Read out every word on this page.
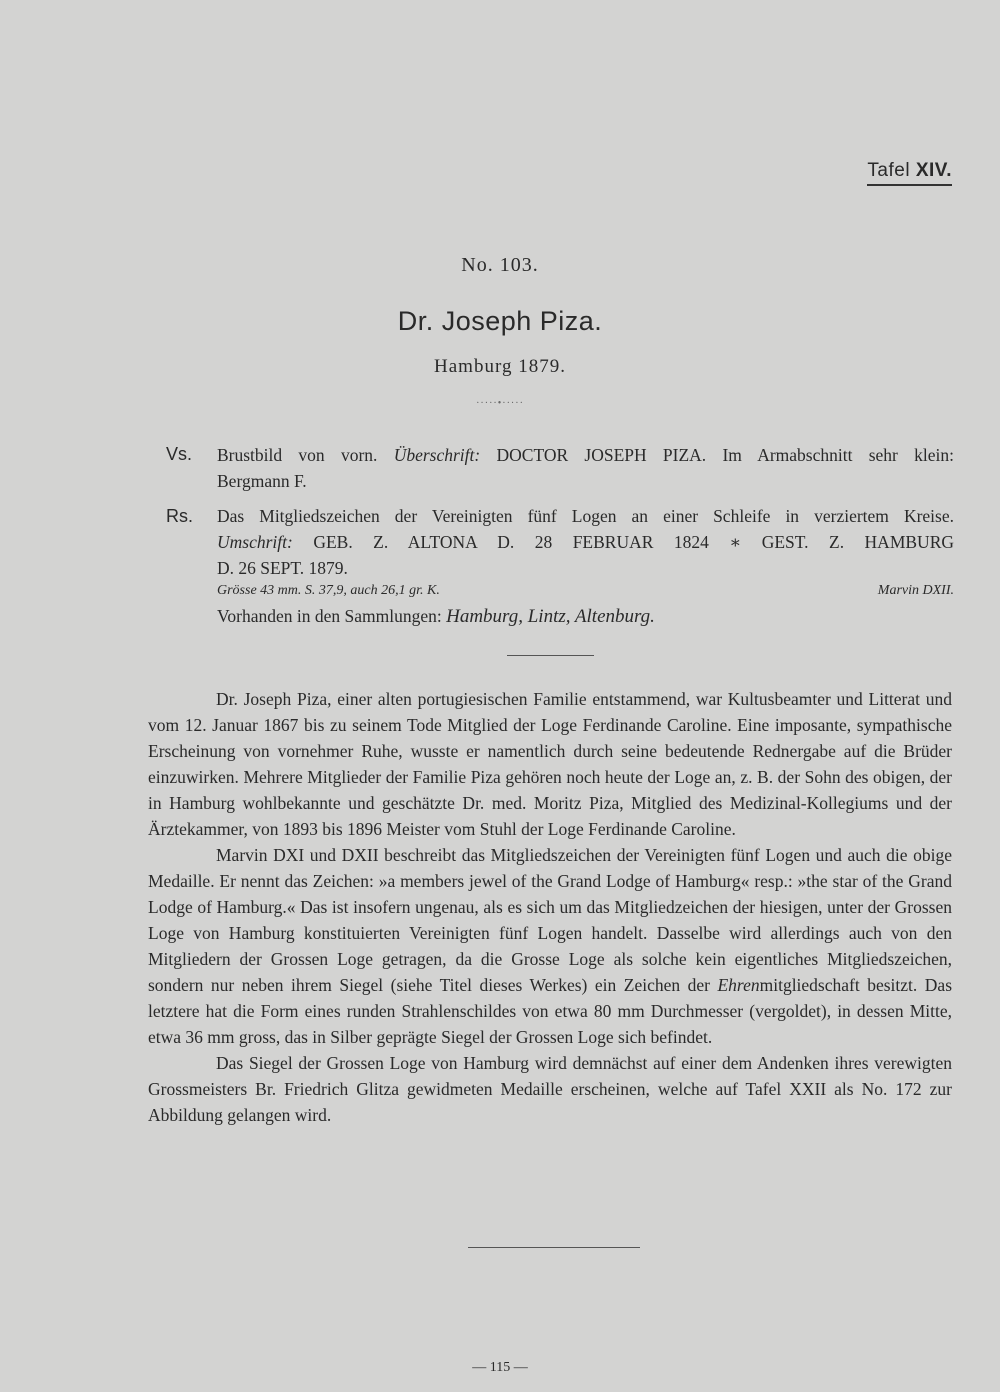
Tafel XIV.
No. 103.
Dr. Joseph Piza.
Hamburg 1879.
·····•·····
Vs. Brustbild von vorn. Überschrift: DOCTOR JOSEPH PIZA. Im Armabschnitt sehr klein:
Bergmann F.
Rs. Das Mitgliedszeichen der Vereinigten fünf Logen an einer Schleife in verziertem Kreise.
Umschrift: GEB. Z. ALTONA D. 28 FEBRUAR 1824 ∗ GEST. Z. HAMBURG
D. 26 SEPT. 1879.
Grösse 43 mm. S. 37,9, auch 26,1 gr. K.	Marvin DXII.
Vorhanden in den Sammlungen: Hamburg, Lintz, Altenburg.

Dr. Joseph Piza, einer alten portugiesischen Familie entstammend, war Kultusbeamter und Litterat und vom 12. Januar 1867 bis zu seinem Tode Mitglied der Loge Ferdinande Caroline. Eine imposante, sympathische Erscheinung von vornehmer Ruhe, wusste er namentlich durch seine bedeutende Rednergabe auf die Brüder einzuwirken. Mehrere Mitglieder der Familie Piza gehören noch heute der Loge an, z. B. der Sohn des obigen, der in Hamburg wohlbekannte und geschätzte Dr. med. Moritz Piza, Mitglied des Medizinal-Kollegiums und der Ärztekammer, von 1893 bis 1896 Meister vom Stuhl der Loge Ferdinande Caroline.

Marvin DXI und DXII beschreibt das Mitgliedszeichen der Vereinigten fünf Logen und auch die obige Medaille. Er nennt das Zeichen: »a members jewel of the Grand Lodge of Hamburg« resp.: »the star of the Grand Lodge of Hamburg.« Das ist insofern ungenau, als es sich um das Mitgliedzeichen der hiesigen, unter der Grossen Loge von Hamburg konstituierten Vereinigten fünf Logen handelt. Dasselbe wird allerdings auch von den Mitgliedern der Grossen Loge getragen, da die Grosse Loge als solche kein eigentliches Mitgliedszeichen, sondern nur neben ihrem Siegel (siehe Titel dieses Werkes) ein Zeichen der Ehrenmitgliedschaft besitzt. Das letztere hat die Form eines runden Strahlenschildes von etwa 80 mm Durchmesser (vergoldet), in dessen Mitte, etwa 36 mm gross, das in Silber geprägte Siegel der Grossen Loge sich befindet.

Das Siegel der Grossen Loge von Hamburg wird demnächst auf einer dem Andenken ihres verewigten Grossmeisters Br. Friedrich Glitza gewidmeten Medaille erscheinen, welche auf Tafel XXII als No. 172 zur Abbildung gelangen wird.

— 115 —
